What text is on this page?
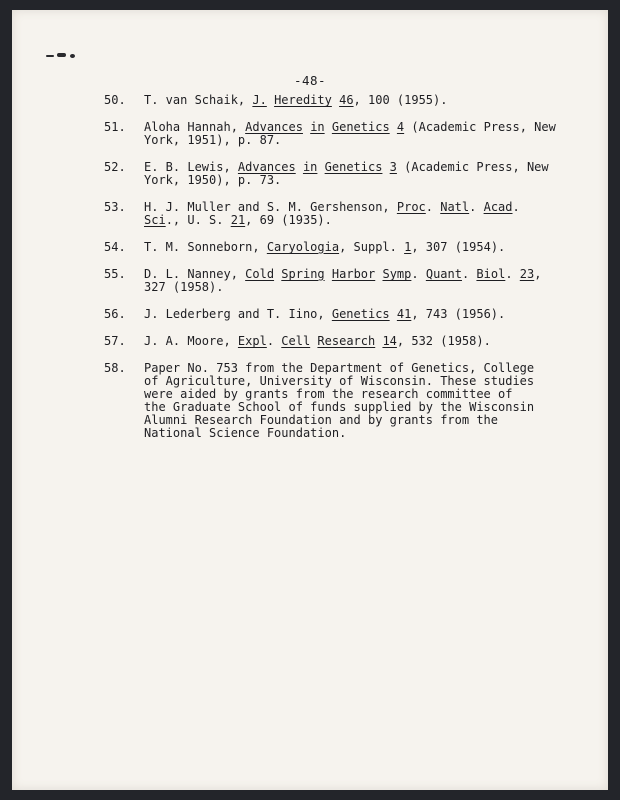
-48-
50. T. van Schaik, J. Heredity 46, 100 (1955).
51. Aloha Hannah, Advances in Genetics 4 (Academic Press, New
York, 1951), p. 87.
52. E. B. Lewis, Advances in Genetics 3 (Academic Press, New
York, 1950), p. 73.
53. H. J. Muller and S. M. Gershenson, Proc. Natl. Acad.
Sci., U. S. 21, 69 (1935).
54. T. M. Sonneborn, Caryologia, Suppl. 1, 307 (1954).
55. D. L. Nanney, Cold Spring Harbor Symp. Quant. Biol. 23,
327 (1958).
56. J. Lederberg and T. Iino, Genetics 41, 743 (1956).
57. J. A. Moore, Expl. Cell Research 14, 532 (1958).
58. Paper No. 753 from the Department of Genetics, College
of Agriculture, University of Wisconsin. These studies
were aided by grants from the research committee of
the Graduate School of funds supplied by the Wisconsin
Alumni Research Foundation and by grants from the
National Science Foundation.
